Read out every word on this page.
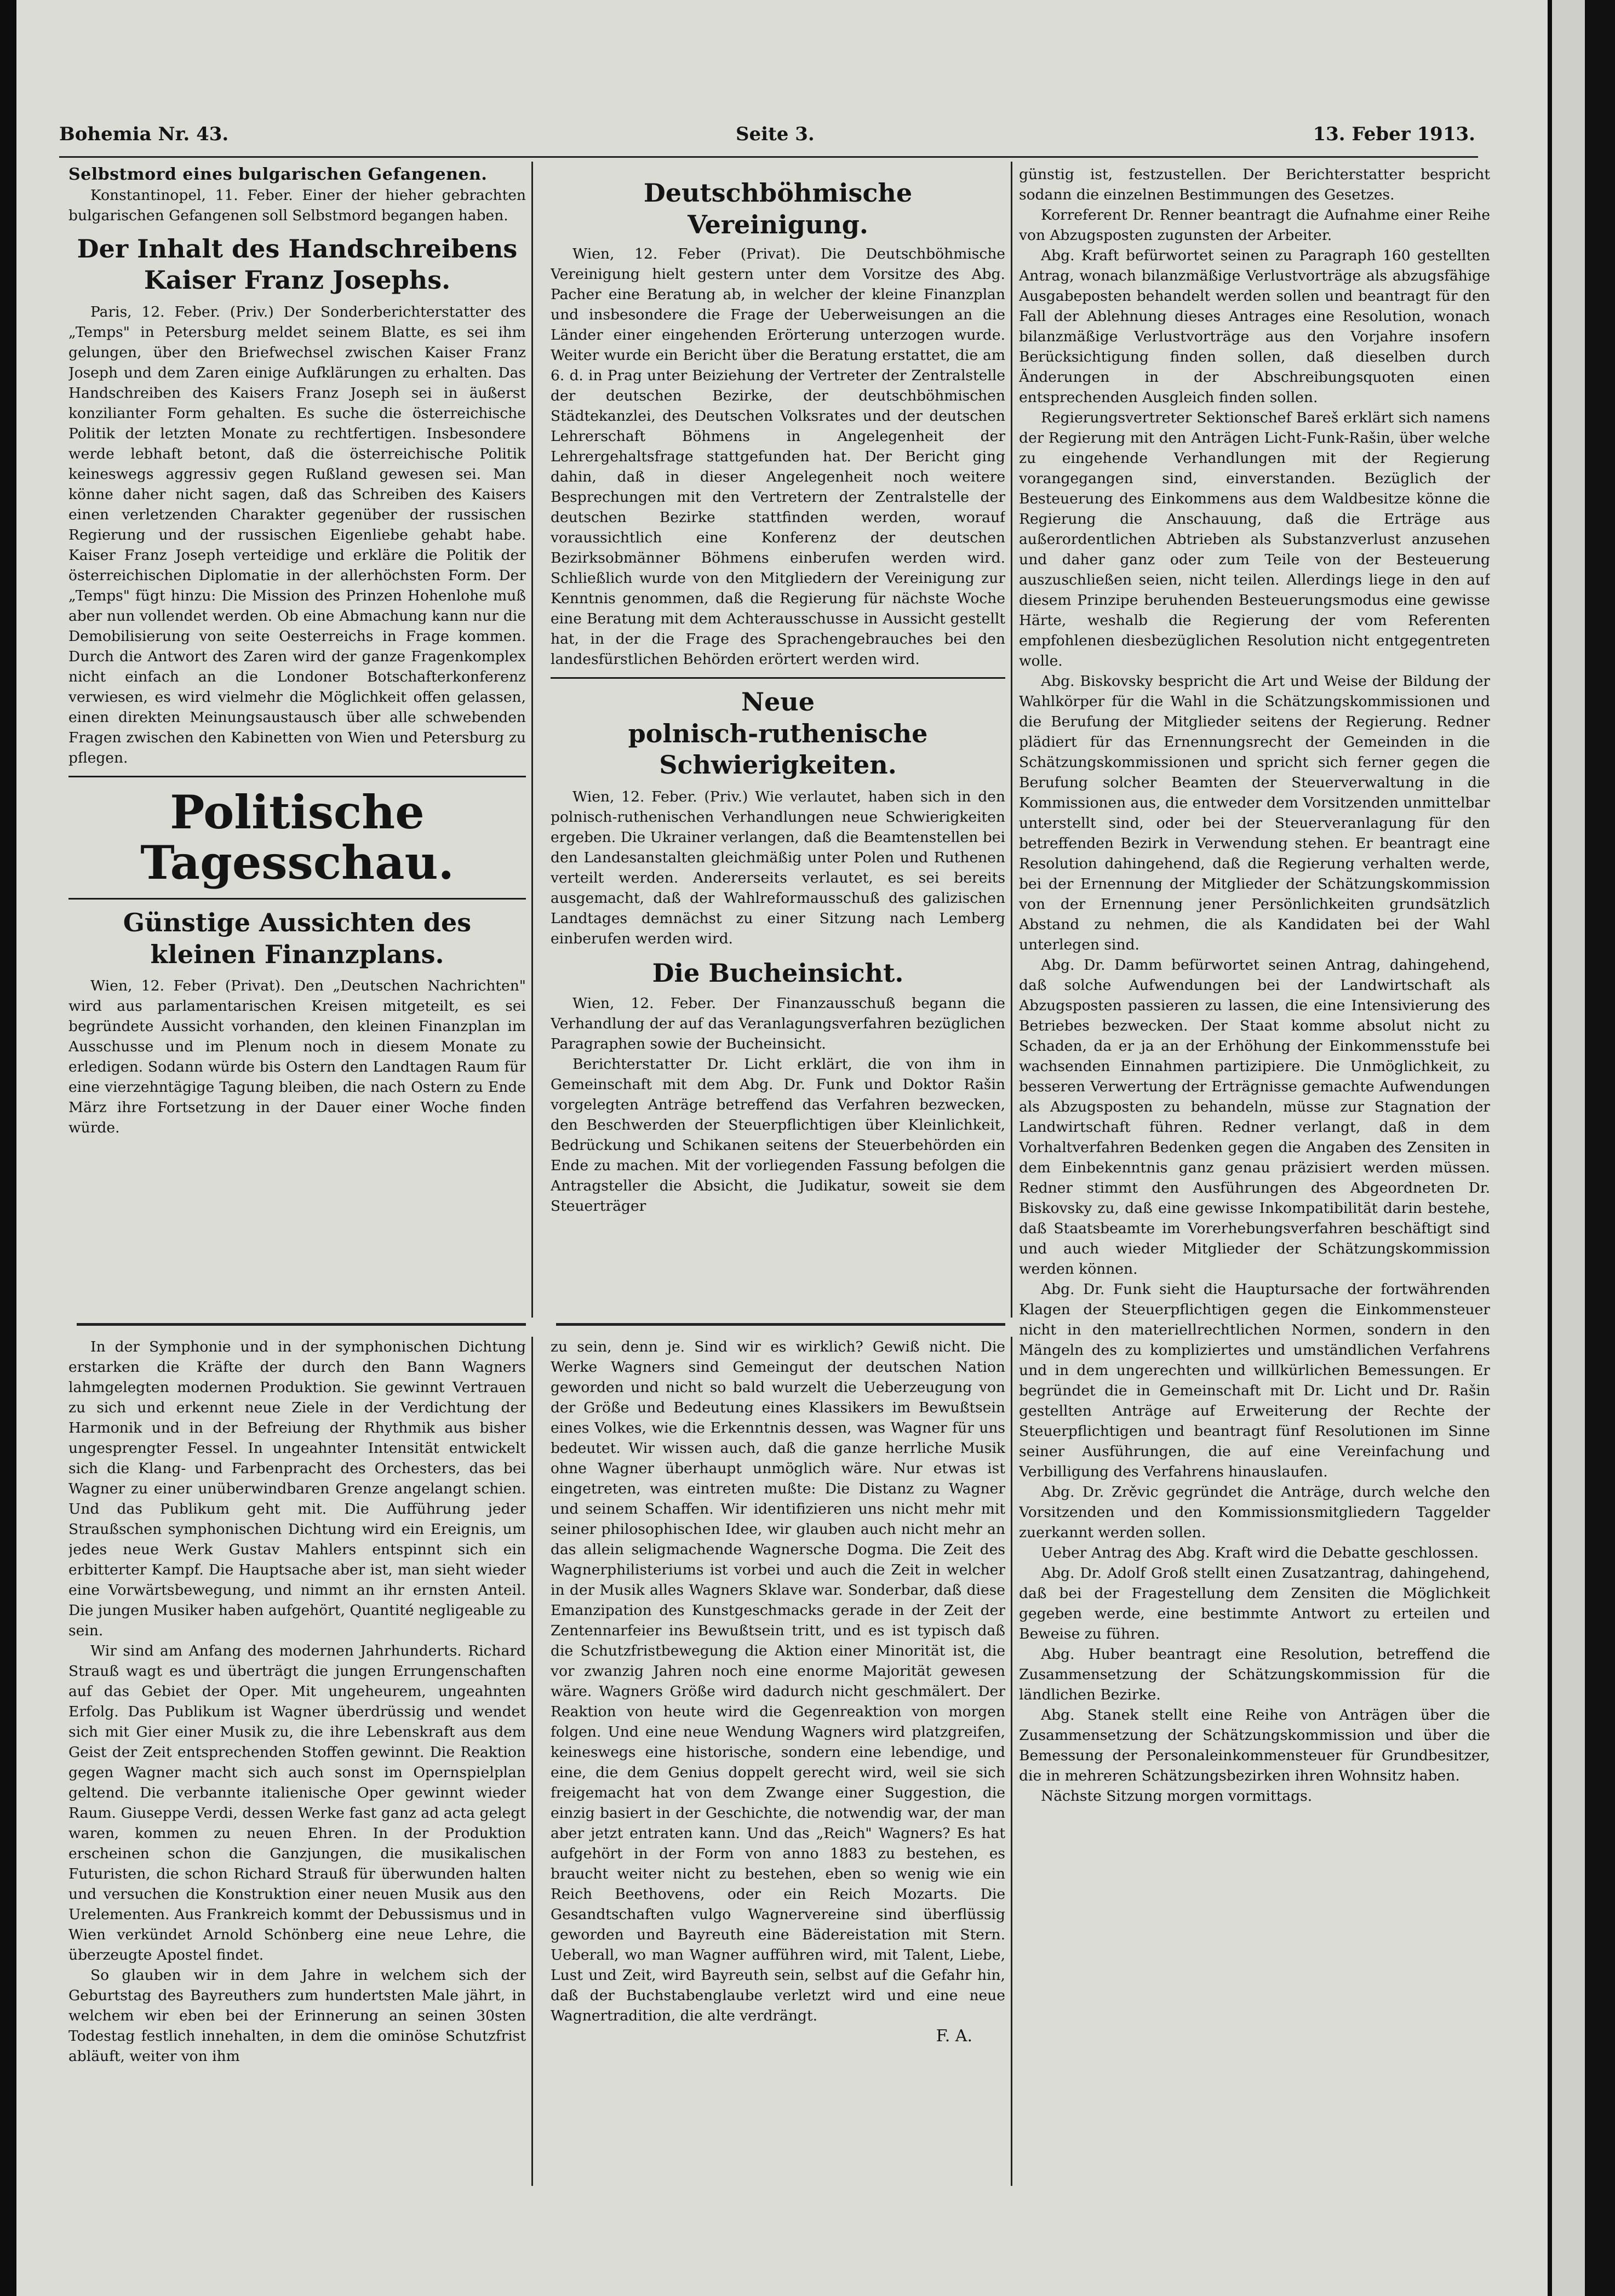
Bohemia Nr. 43.	Seite 3.	13. Feber 1913.
Selbstmord eines bulgarischen Gefangenen.

Konstantinopel, 11. Feber. Einer der hieher gebrachten bulgarischen Gefangenen soll Selbstmord begangen haben.

Der Inhalt des Handschreibens Kaiser Franz Josephs.

Paris, 12. Feber. (Priv.) Der Sonderberichterstatter des „Temps" in Petersburg meldet seinem Blatte, es sei ihm gelungen, über den Briefwechsel zwischen Kaiser Franz Joseph und dem Zaren einige Aufklärungen zu erhalten. Das Handschreiben des Kaisers Franz Joseph sei in äußerst konzilianter Form gehalten. Es suche die österreichische Politik der letzten Monate zu rechtfertigen. Insbesondere werde lebhaft betont, daß die österreichische Politik keineswegs aggressiv gegen Rußland gewesen sei. Man könne daher nicht sagen, daß das Schreiben des Kaisers einen verletzenden Charakter gegenüber der russischen Regierung und der russischen Eigenliebe gehabt habe. Kaiser Franz Joseph verteidige und erkläre die Politik der österreichischen Diplomatie in der allerhöchsten Form. Der „Temps" fügt hinzu: Die Mission des Prinzen Hohenlohe muß aber nun vollendet werden. Ob eine Abmachung kann nur die Demobilisierung von seite Oesterreichs in Frage kommen. Durch die Antwort des Zaren wird der ganze Fragenkomplex nicht einfach an die Londoner Botschafterkonferenz verwiesen, es wird vielmehr die Möglichkeit offen gelassen, einen direkten Meinungsaustausch über alle schwebenden Fragen zwischen den Kabinetten von Wien und Petersburg zu pflegen.

Politische Tagesschau.
Günstige Aussichten des kleinen Finanzplans.

Wien, 12. Feber (Privat). Den „Deutschen Nachrichten" wird aus parlamentarischen Kreisen mitgeteilt, es sei begründete Aussicht vorhanden, den kleinen Finanzplan im Ausschusse und im Plenum noch in diesem Monate zu erledigen. Sodann würde bis Ostern den Landtagen Raum für eine vierzehntägige Tagung bleiben, die nach Ostern zu Ende März ihre Fortsetzung in der Dauer einer Woche finden würde.

Deutschböhmische Vereinigung.

Wien, 12. Feber (Privat). Die Deutschböhmische Vereinigung hielt gestern unter dem Vorsitze des Abg. Pacher eine Beratung ab, in welcher der kleine Finanzplan und insbesondere die Frage der Ueberweisungen an die Länder einer eingehenden Erörterung unterzogen wurde. Weiter wurde ein Bericht über die Beratung erstattet, die am 6. d. in Prag unter Beiziehung der Vertreter der Zentralstelle der deutschen Bezirke, der deutschböhmischen Städtekanzlei, des Deutschen Volksrates und der deutschen Lehrerschaft Böhmens in Angelegenheit der Lehrergehaltsfrage stattgefunden hat. Der Bericht ging dahin, daß in dieser Angelegenheit noch weitere Besprechungen mit den Vertretern der Zentralstelle der deutschen Bezirke stattfinden werden, worauf voraussichtlich eine Konferenz der deutschen Bezirksobmänner Böhmens einberufen werden wird. Schließlich wurde von den Mitgliedern der Vereinigung zur Kenntnis genommen, daß die Regierung für nächste Woche eine Beratung mit dem Achterausschusse in Aussicht gestellt hat, in der die Frage des Sprachengebrauches bei den landesfürstlichen Behörden erörtert werden wird.

Neue
polnisch-ruthenische Schwierigkeiten.

Wien, 12. Feber. (Priv.) Wie verlautet, haben sich in den polnisch-ruthenischen Verhandlungen neue Schwierigkeiten ergeben. Die Ukrainer verlangen, daß die Beamtenstellen bei den Landesanstalten gleichmäßig unter Polen und Ruthenen verteilt werden. Andererseits verlautet, es sei bereits ausgemacht, daß der Wahlreformausschuß des galizischen Landtages demnächst zu einer Sitzung nach Lemberg einberufen werden wird.

Die Bucheinsicht.

Wien, 12. Feber. Der Finanzausschuß begann die Verhandlung der auf das Veranlagungsverfahren bezüglichen Paragraphen sowie der Bucheinsicht.

Berichterstatter Dr. Licht erklärt, die von ihm in Gemeinschaft mit dem Abg. Dr. Funk und Doktor Rašin vorgelegten Anträge betreffend das Verfahren bezwecken, den Beschwerden der Steuerpflichtigen über Kleinlichkeit, Bedrückung und Schikanen seitens der Steuerbehörden ein Ende zu machen. Mit der vorliegenden Fassung befolgen die Antragsteller die Absicht, die Judikatur, soweit sie dem Steuerträger

günstig ist, festzustellen. Der Berichterstatter bespricht sodann die einzelnen Bestimmungen des Gesetzes.

Korreferent Dr. Renner beantragt die Aufnahme einer Reihe von Abzugsposten zugunsten der Arbeiter.

Abg. Kraft befürwortet seinen zu Paragraph 160 gestellten Antrag, wonach bilanzmäßige Verlustvorträge als abzugsfähige Ausgabeposten behandelt werden sollen und beantragt für den Fall der Ablehnung dieses Antrages eine Resolution, wonach bilanzmäßige Verlustvorträge aus den Vorjahre insofern Berücksichtigung finden sollen, daß dieselben durch Änderungen in der Abschreibungsquoten einen entsprechenden Ausgleich finden sollen.

Regierungsvertreter Sektionschef Bareš erklärt sich namens der Regierung mit den Anträgen Licht-Funk-Rašin, über welche zu eingehende Verhandlungen mit der Regierung vorangegangen sind, einverstanden. Bezüglich der Besteuerung des Einkommens aus dem Waldbesitze könne die Regierung die Anschauung, daß die Erträge aus außerordentlichen Abtrieben als Substanzverlust anzusehen und daher ganz oder zum Teile von der Besteuerung auszuschließen seien, nicht teilen. Allerdings liege in den auf diesem Prinzipe beruhenden Besteuerungsmodus eine gewisse Härte, weshalb die Regierung der vom Referenten empfohlenen diesbezüglichen Resolution nicht entgegentreten wolle.

Abg. Biskovsky bespricht die Art und Weise der Bildung der Wahlkörper für die Wahl in die Schätzungskommissionen und die Berufung der Mitglieder seitens der Regierung. Redner plädiert für das Ernennungsrecht der Gemeinden in die Schätzungskommissionen und spricht sich ferner gegen die Berufung solcher Beamten der Steuerverwaltung in die Kommissionen aus, die entweder dem Vorsitzenden unmittelbar unterstellt sind, oder bei der Steuerveranlagung für den betreffenden Bezirk in Verwendung stehen. Er beantragt eine Resolution dahingehend, daß die Regierung verhalten werde, bei der Ernennung der Mitglieder der Schätzungskommission von der Ernennung jener Persönlichkeiten grundsätzlich Abstand zu nehmen, die als Kandidaten bei der Wahl unterlegen sind.

Abg. Dr. Damm befürwortet seinen Antrag, dahingehend, daß solche Aufwendungen bei der Landwirtschaft als Abzugsposten passieren zu lassen, die eine Intensivierung des Betriebes bezwecken. Der Staat komme absolut nicht zu Schaden, da er ja an der Erhöhung der Einkommensstufe bei wachsenden Einnahmen partizipiere. Die Unmöglichkeit, zu besseren Verwertung der Erträgnisse gemachte Aufwendungen als Abzugsposten zu behandeln, müsse zur Stagnation der Landwirtschaft führen. Redner verlangt, daß in dem Vorhaltverfahren Bedenken gegen die Angaben des Zensiten in dem Einbekenntnis ganz genau präzisiert werden müssen. Redner stimmt den Ausführungen des Abgeordneten Dr. Biskovsky zu, daß eine gewisse Inkompatibilität darin bestehe, daß Staatsbeamte im Vorerhebungsverfahren beschäftigt sind und auch wieder Mitglieder der Schätzungskommission werden können.

Abg. Dr. Funk sieht die Hauptursache der fortwährenden Klagen der Steuerpflichtigen gegen die Einkommensteuer nicht in den materiellrechtlichen Normen, sondern in den Mängeln des zu kompliziertes und umständlichen Verfahrens und in dem ungerechten und willkürlichen Bemessungen. Er begründet die in Gemeinschaft mit Dr. Licht und Dr. Rašin gestellten Anträge auf Erweiterung der Rechte der Steuerpflichtigen und beantragt fünf Resolutionen im Sinne seiner Ausführungen, die auf eine Vereinfachung und Verbilligung des Verfahrens hinauslaufen.

Abg. Dr. Zrěvic gegründet die Anträge, durch welche den Vorsitzenden und den Kommissionsmitgliedern Taggelder zuerkannt werden sollen.

Ueber Antrag des Abg. Kraft wird die Debatte geschlossen.

Abg. Dr. Adolf Groß stellt einen Zusatzantrag, dahingehend, daß bei der Fragestellung dem Zensiten die Möglichkeit gegeben werde, eine bestimmte Antwort zu erteilen und Beweise zu führen.

Abg. Huber beantragt eine Resolution, betreffend die Zusammensetzung der Schätzungskommission für die ländlichen Bezirke.

Abg. Stanek stellt eine Reihe von Anträgen über die Zusammensetzung der Schätzungskommission und über die Bemessung der Personaleinkommensteuer für Grundbesitzer, die in mehreren Schätzungsbezirken ihren Wohnsitz haben.

Nächste Sitzung morgen vormittags.

In der Symphonie und in der symphonischen Dichtung erstarken die Kräfte der durch den Bann Wagners lahmgelegten modernen Produktion. Sie gewinnt Vertrauen zu sich und erkennt neue Ziele in der Verdichtung der Harmonik und in der Befreiung der Rhythmik aus bisher ungesprengter Fessel. In ungeahnter Intensität entwickelt sich die Klang- und Farbenpracht des Orchesters, das bei Wagner zu einer unüberwindbaren Grenze angelangt schien. Und das Publikum geht mit. Die Aufführung jeder Straußschen symphonischen Dichtung wird ein Ereignis, um jedes neue Werk Gustav Mahlers entspinnt sich ein erbitterter Kampf. Die Hauptsache aber ist, man sieht wieder eine Vorwärtsbewegung, und nimmt an ihr ernsten Anteil. Die jungen Musiker haben aufgehört, Quantité negligeable zu sein.

Wir sind am Anfang des modernen Jahrhunderts. Richard Strauß wagt es und überträgt die jungen Errungenschaften auf das Gebiet der Oper. Mit ungeheurem, ungeahnten Erfolg. Das Publikum ist Wagner überdrüssig und wendet sich mit Gier einer Musik zu, die ihre Lebenskraft aus dem Geist der Zeit entsprechenden Stoffen gewinnt. Die Reaktion gegen Wagner macht sich auch sonst im Opernspielplan geltend. Die verbannte italienische Oper gewinnt wieder Raum. Giuseppe Verdi, dessen Werke fast ganz ad acta gelegt waren, kommen zu neuen Ehren. In der Produktion erscheinen schon die Ganzjungen, die musikalischen Futuristen, die schon Richard Strauß für überwunden halten und versuchen die Konstruktion einer neuen Musik aus den Urelementen. Aus Frankreich kommt der Debussismus und in Wien verkündet Arnold Schönberg eine neue Lehre, die überzeugte Apostel findet.

So glauben wir in dem Jahre in welchem sich der Geburtstag des Bayreuthers zum hundertsten Male jährt, in welchem wir eben bei der Erinnerung an seinen 30sten Todestag festlich innehalten, in dem die ominöse Schutzfrist abläuft, weiter von ihm

zu sein, denn je. Sind wir es wirklich? Gewiß nicht. Die Werke Wagners sind Gemeingut der deutschen Nation geworden und nicht so bald wurzelt die Ueberzeugung von der Größe und Bedeutung eines Klassikers im Bewußtsein eines Volkes, wie die Erkenntnis dessen, was Wagner für uns bedeutet. Wir wissen auch, daß die ganze herrliche Musik ohne Wagner überhaupt unmöglich wäre. Nur etwas ist eingetreten, was eintreten mußte: Die Distanz zu Wagner und seinem Schaffen. Wir identifizieren uns nicht mehr mit seiner philosophischen Idee, wir glauben auch nicht mehr an das allein seligmachende Wagnersche Dogma. Die Zeit des Wagnerphilisteriums ist vorbei und auch die Zeit in welcher in der Musik alles Wagners Sklave war. Sonderbar, daß diese Emanzipation des Kunstgeschmacks gerade in der Zeit der Zentennarfeier ins Bewußtsein tritt, und es ist typisch daß die Schutzfristbewegung die Aktion einer Minorität ist, die vor zwanzig Jahren noch eine enorme Majorität gewesen wäre. Wagners Größe wird dadurch nicht geschmälert. Der Reaktion von heute wird die Gegenreaktion von morgen folgen. Und eine neue Wendung Wagners wird platzgreifen, keineswegs eine historische, sondern eine lebendige, und eine, die dem Genius doppelt gerecht wird, weil sie sich freigemacht hat von dem Zwange einer Suggestion, die einzig basiert in der Geschichte, die notwendig war, der man aber jetzt entraten kann. Und das „Reich" Wagners? Es hat aufgehört in der Form von anno 1883 zu bestehen, es braucht weiter nicht zu bestehen, eben so wenig wie ein Reich Beethovens, oder ein Reich Mozarts. Die Gesandtschaften vulgo Wagnervereine sind überflüssig geworden und Bayreuth eine Bädereistation mit Stern. Ueberall, wo man Wagner aufführen wird, mit Talent, Liebe, Lust und Zeit, wird Bayreuth sein, selbst auf die Gefahr hin, daß der Buchstabenglaube verletzt wird und eine neue Wagnertradition, die alte verdrängt.

F. A.
